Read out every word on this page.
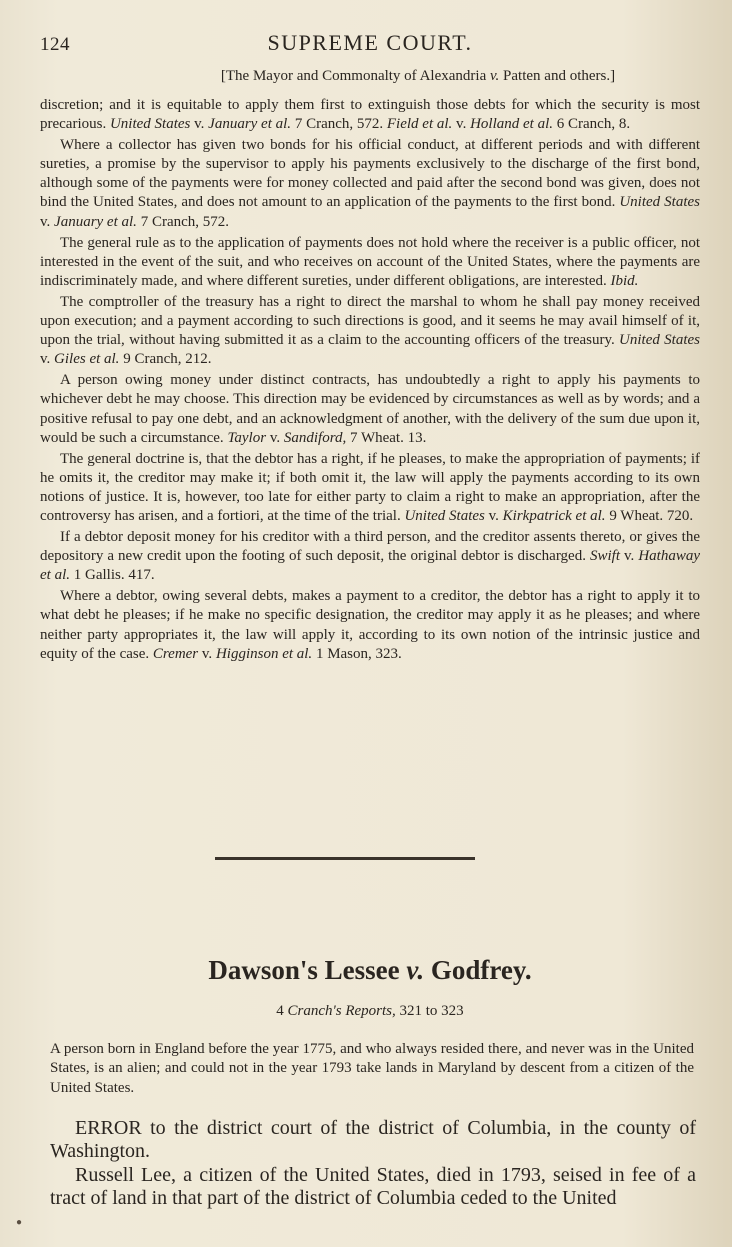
124	SUPREME COURT.
[The Mayor and Commonalty of Alexandria v. Patten and others.]

discretion; and it is equitable to apply them first to extinguish those debts for which the security is most precarious. United States v. January et al. 7 Cranch, 572. Field et al. v. Holland et al. 6 Cranch, 8.

Where a collector has given two bonds for his official conduct, at different periods and with different sureties, a promise by the supervisor to apply his payments exclusively to the discharge of the first bond, although some of the payments were for money collected and paid after the second bond was given, does not bind the United States, and does not amount to an application of the payments to the first bond. United States v. January et al. 7 Cranch, 572.

The general rule as to the application of payments does not hold where the receiver is a public officer, not interested in the event of the suit, and who receives on account of the United States, where the payments are indiscriminately made, and where different sureties, under different obligations, are interested. Ibid.

The comptroller of the treasury has a right to direct the marshal to whom he shall pay money received upon execution; and a payment according to such directions is good, and it seems he may avail himself of it, upon the trial, without having submitted it as a claim to the accounting officers of the treasury. United States v. Giles et al. 9 Cranch, 212.

A person owing money under distinct contracts, has undoubtedly a right to apply his payments to whichever debt he may choose. This direction may be evidenced by circumstances as well as by words; and a positive refusal to pay one debt, and an acknowledgment of another, with the delivery of the sum due upon it, would be such a circumstance. Taylor v. Sandiford, 7 Wheat. 13.

The general doctrine is, that the debtor has a right, if he pleases, to make the appropriation of payments; if he omits it, the creditor may make it; if both omit it, the law will apply the payments according to its own notions of justice. It is, however, too late for either party to claim a right to make an appropriation, after the controversy has arisen, and a fortiori, at the time of the trial. United States v. Kirkpatrick et al. 9 Wheat. 720.

If a debtor deposit money for his creditor with a third person, and the creditor assents thereto, or gives the depository a new credit upon the footing of such deposit, the original debtor is discharged. Swift v. Hathaway et al. 1 Gallis. 417.

Where a debtor, owing several debts, makes a payment to a creditor, the debtor has a right to apply it to what debt he pleases; if he make no specific designation, the creditor may apply it as he pleases; and where neither party appropriates it, the law will apply it, according to its own notion of the intrinsic justice and equity of the case. Cremer v. Higginson et al. 1 Mason, 323.

Dawson's Lessee v. Godfrey.
4 Cranch's Reports, 321 to 323

A person born in England before the year 1775, and who always resided there, and never was in the United States, is an alien; and could not in the year 1793 take lands in Maryland by descent from a citizen of the United States.

ERROR to the district court of the district of Columbia, in the county of Washington.

Russell Lee, a citizen of the United States, died in 1793, seised in fee of a tract of land in that part of the district of Columbia ceded to the United

●
